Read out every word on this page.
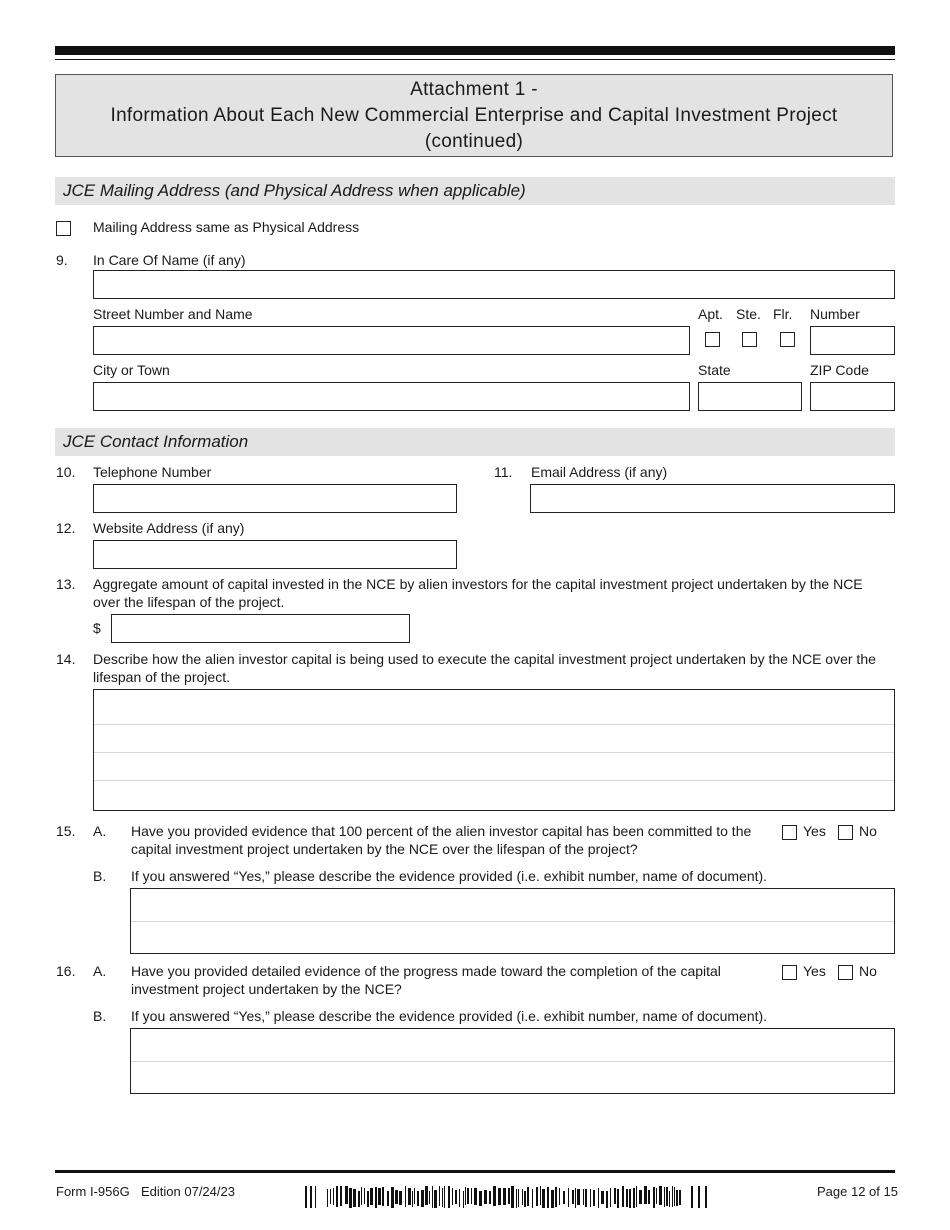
Attachment 1 -
Information About Each New Commercial Enterprise and Capital Investment Project
(continued)
JCE Mailing Address (and Physical Address when applicable)
Mailing Address same as Physical Address
9. In Care Of Name (if any)
Street Number and Name	Apt. Ste. Flr. Number
City or Town	State	ZIP Code
JCE Contact Information
10. Telephone Number	11. Email Address (if any)
12. Website Address (if any)
13. Aggregate amount of capital invested in the NCE by alien investors for the capital investment project undertaken by the NCE over the lifespan of the project.
$
14. Describe how the alien investor capital is being used to execute the capital investment project undertaken by the NCE over the lifespan of the project.
15. A. Have you provided evidence that 100 percent of the alien investor capital has been committed to the capital investment project undertaken by the NCE over the lifespan of the project?
Yes No
B. If you answered “Yes,” please describe the evidence provided (i.e. exhibit number, name of document).
16. A. Have you provided detailed evidence of the progress made toward the completion of the capital investment project undertaken by the NCE?
Yes No
B. If you answered “Yes,” please describe the evidence provided (i.e. exhibit number, name of document).
Form I-956G Edition 07/24/23	Page 12 of 15
